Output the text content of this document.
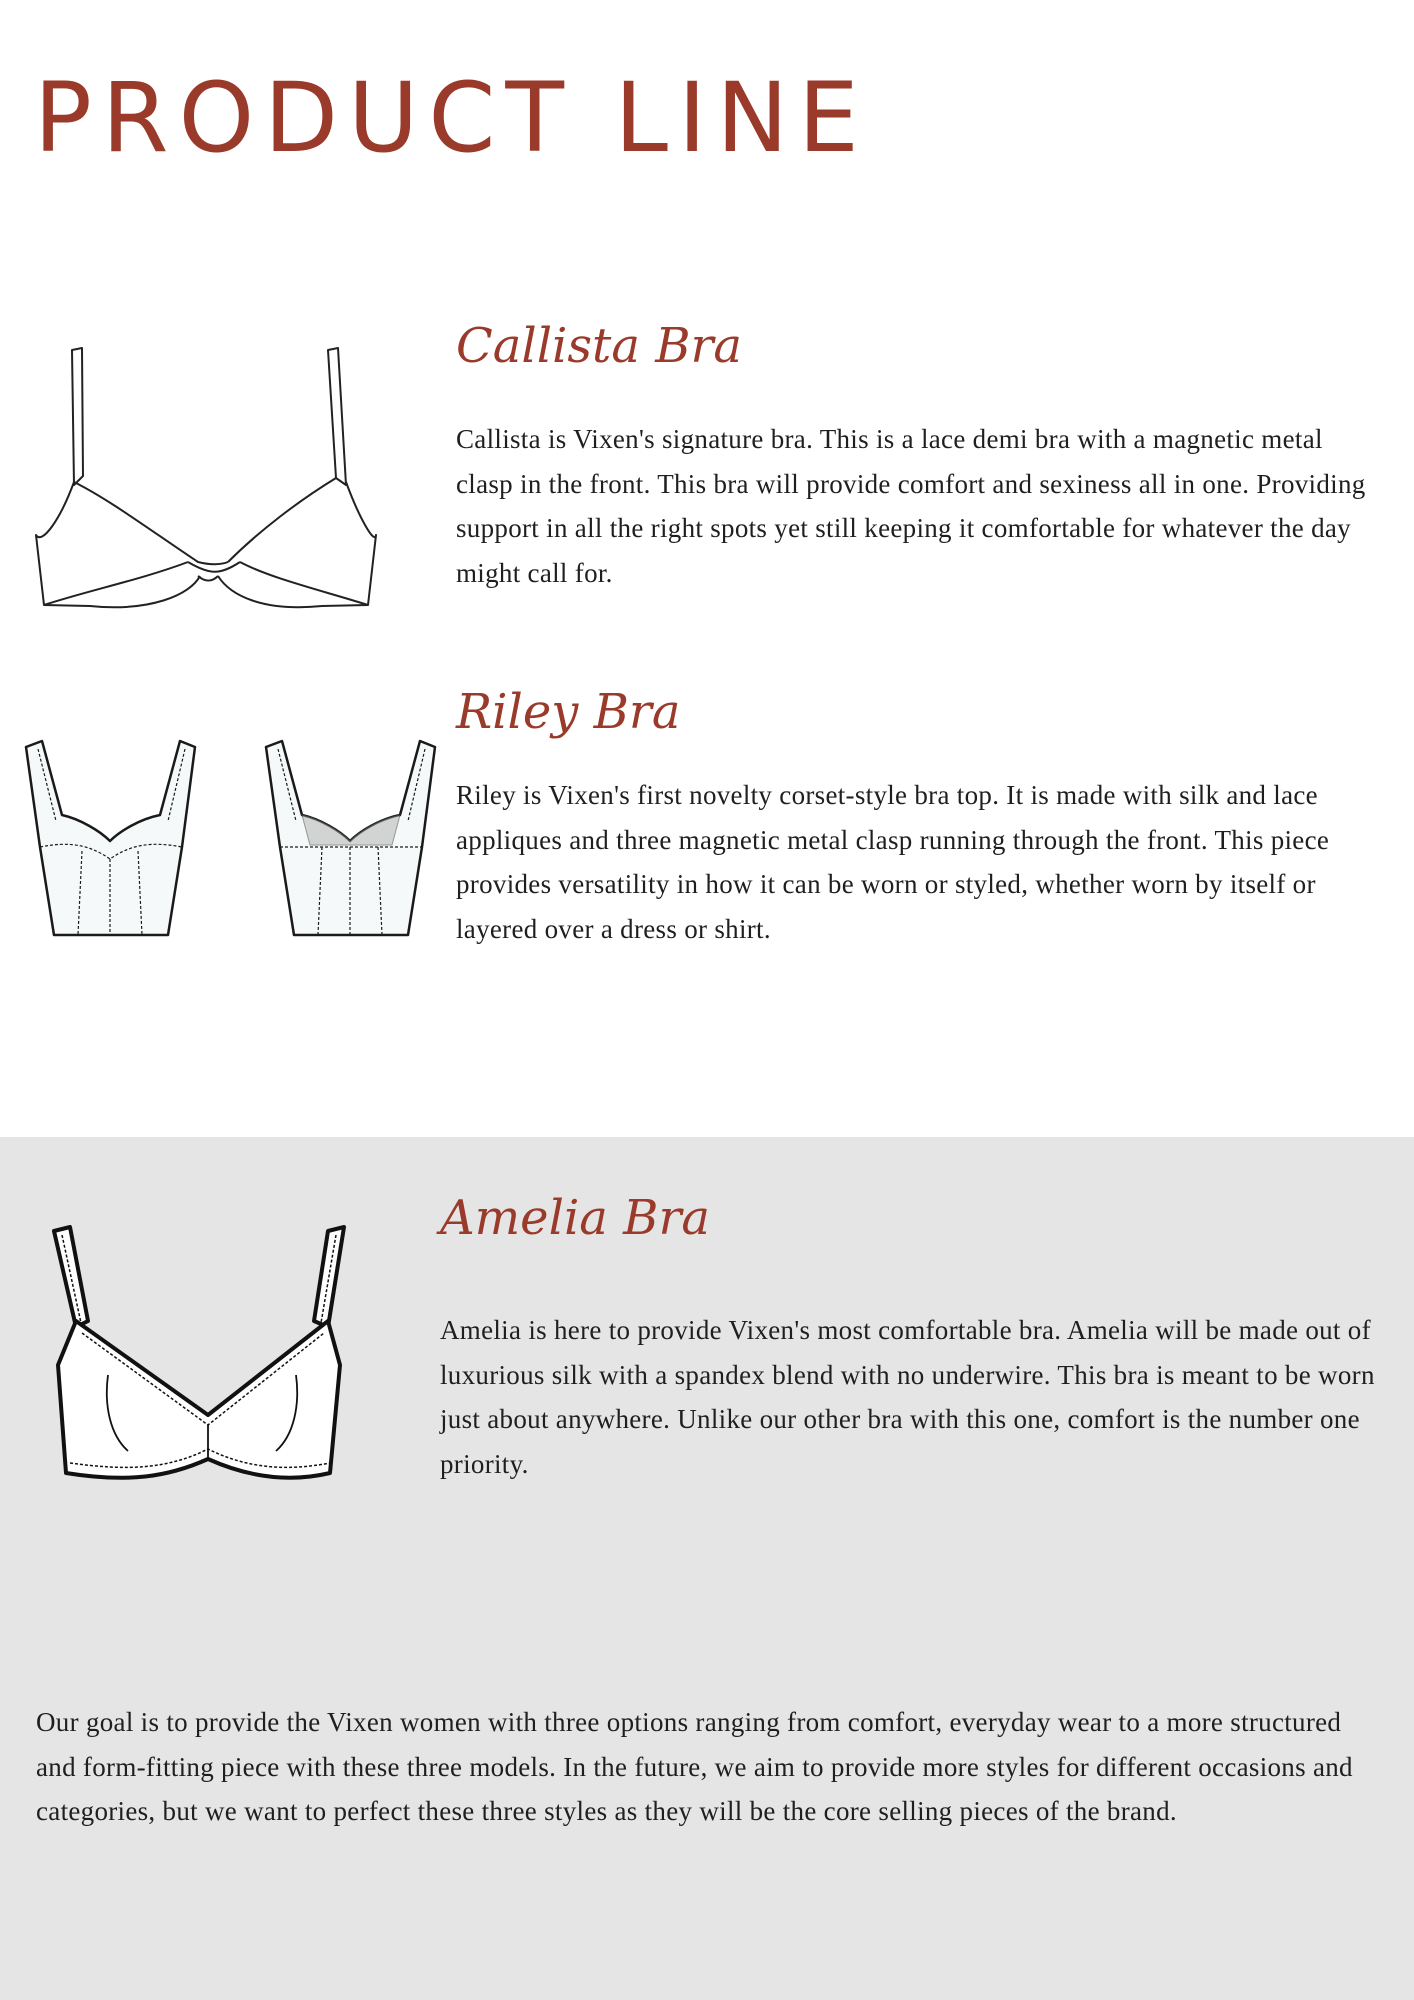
PRODUCT LINE
Callista Bra

Callista is Vixen's signature bra. This is a lace demi bra with a magnetic metal clasp in the front. This bra will provide comfort and sexiness all in one. Providing support in all the right spots yet still keeping it comfortable for whatever the day might call for.

Riley Bra

Riley is Vixen's first novelty corset-style bra top. It is made with silk and lace appliques and three magnetic metal clasp running through the front. This piece provides versatility in how it can be worn or styled, whether worn by itself or layered over a dress or shirt.

Amelia Bra

Amelia is here to provide Vixen's most comfortable bra. Amelia will be made out of luxurious silk with a spandex blend with no underwire. This bra is meant to be worn just about anywhere. Unlike our other bra with this one, comfort is the number one priority.

Our goal is to provide the Vixen women with three options ranging from comfort, everyday wear to a more structured and form-fitting piece with these three models. In the future, we aim to provide more styles for different occasions and categories, but we want to perfect these three styles as they will be the core selling pieces of the brand.
